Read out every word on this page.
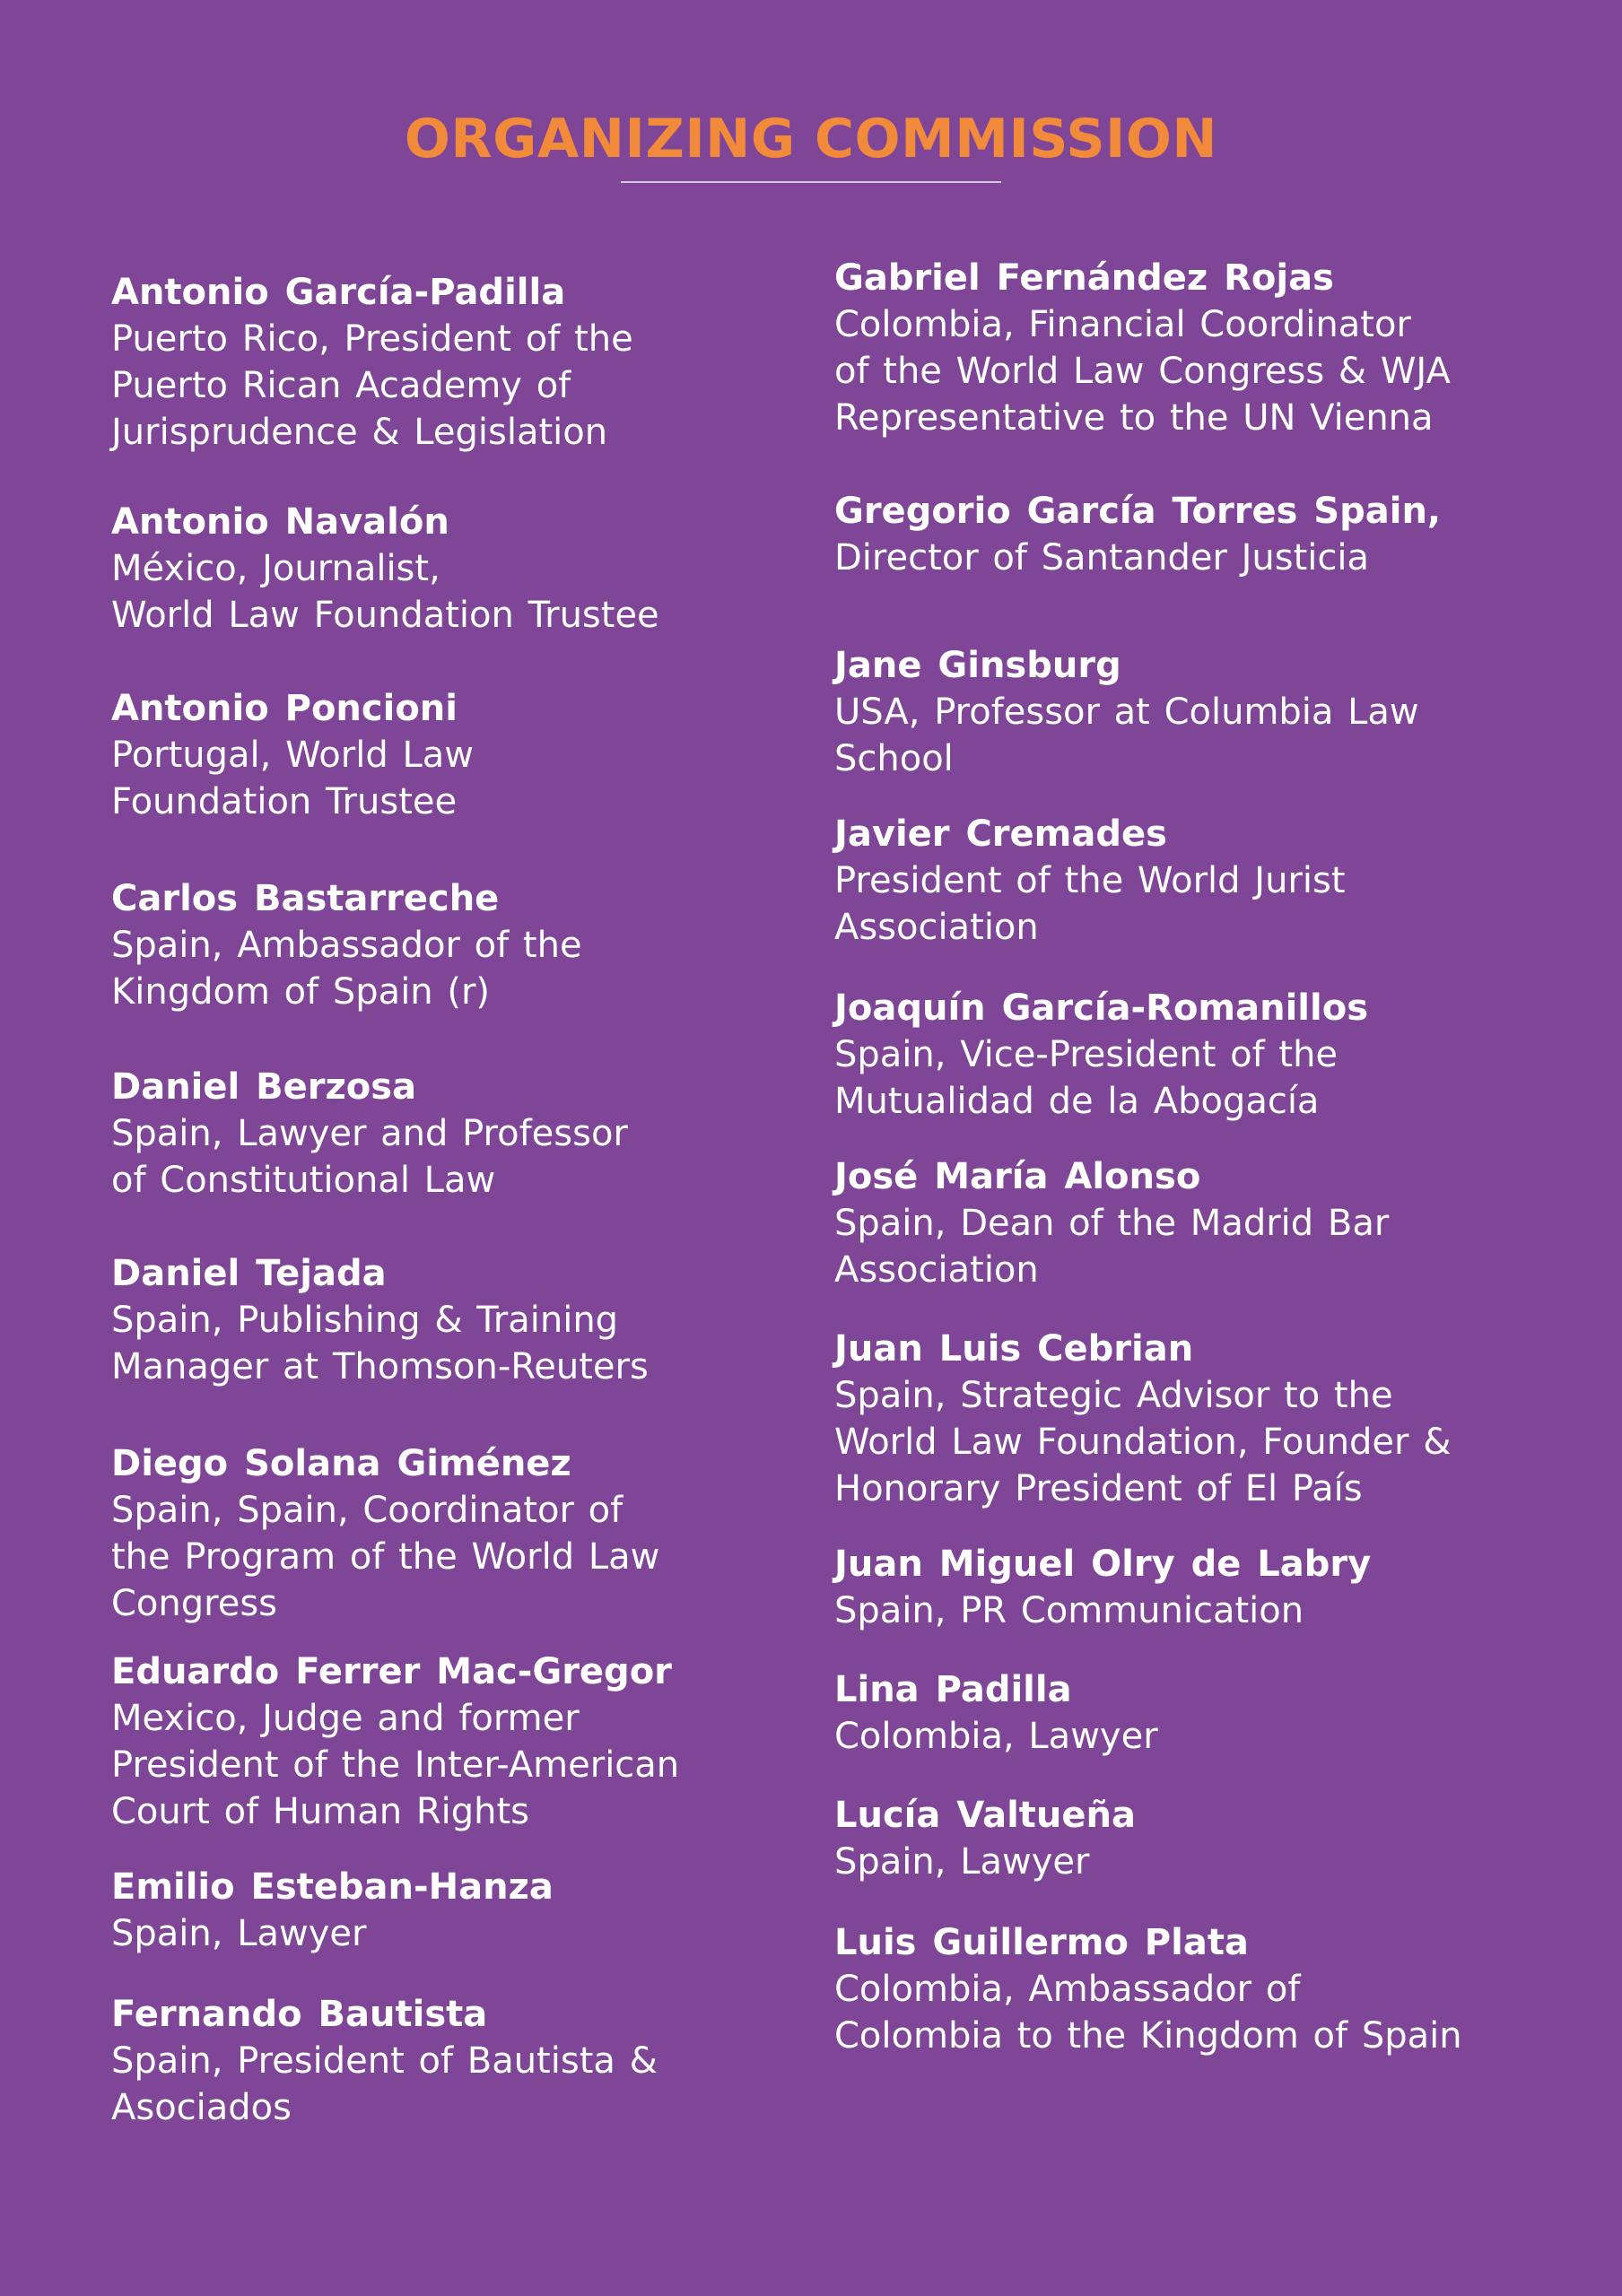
ORGANIZING COMMISSION
Antonio García-Padilla
Puerto Rico, President of the
Puerto Rican Academy of
Jurisprudence & Legislation
Antonio Navalón
México, Journalist,
World Law Foundation Trustee
Antonio Poncioni
Portugal, World Law
Foundation Trustee
Carlos Bastarreche
Spain, Ambassador of the
Kingdom of Spain (r)
Daniel Berzosa
Spain, Lawyer and Professor
of Constitutional Law
Daniel Tejada
Spain, Publishing & Training
Manager at Thomson-Reuters
Diego Solana Giménez
Spain, Spain, Coordinator of
the Program of the World Law
Congress
Eduardo Ferrer Mac-Gregor
Mexico, Judge and former
President of the Inter-American
Court of Human Rights
Emilio Esteban-Hanza
Spain, Lawyer
Fernando Bautista
Spain, President of Bautista &
Asociados
Gabriel Fernández Rojas
Colombia, Financial Coordinator
of the World Law Congress & WJA
Representative to the UN Vienna
Gregorio García Torres Spain,
Director of Santander Justicia
Jane Ginsburg
USA, Professor at Columbia Law
School
Javier Cremades
President of the World Jurist
Association
Joaquín García-Romanillos
Spain, Vice-President of the
Mutualidad de la Abogacía
José María Alonso
Spain, Dean of the Madrid Bar
Association
Juan Luis Cebrian
Spain, Strategic Advisor to the
World Law Foundation, Founder &
Honorary President of El País
Juan Miguel Olry de Labry
Spain, PR Communication
Lina Padilla
Colombia, Lawyer
Lucía Valtueña
Spain, Lawyer
Luis Guillermo Plata
Colombia, Ambassador of
Colombia to the Kingdom of Spain
